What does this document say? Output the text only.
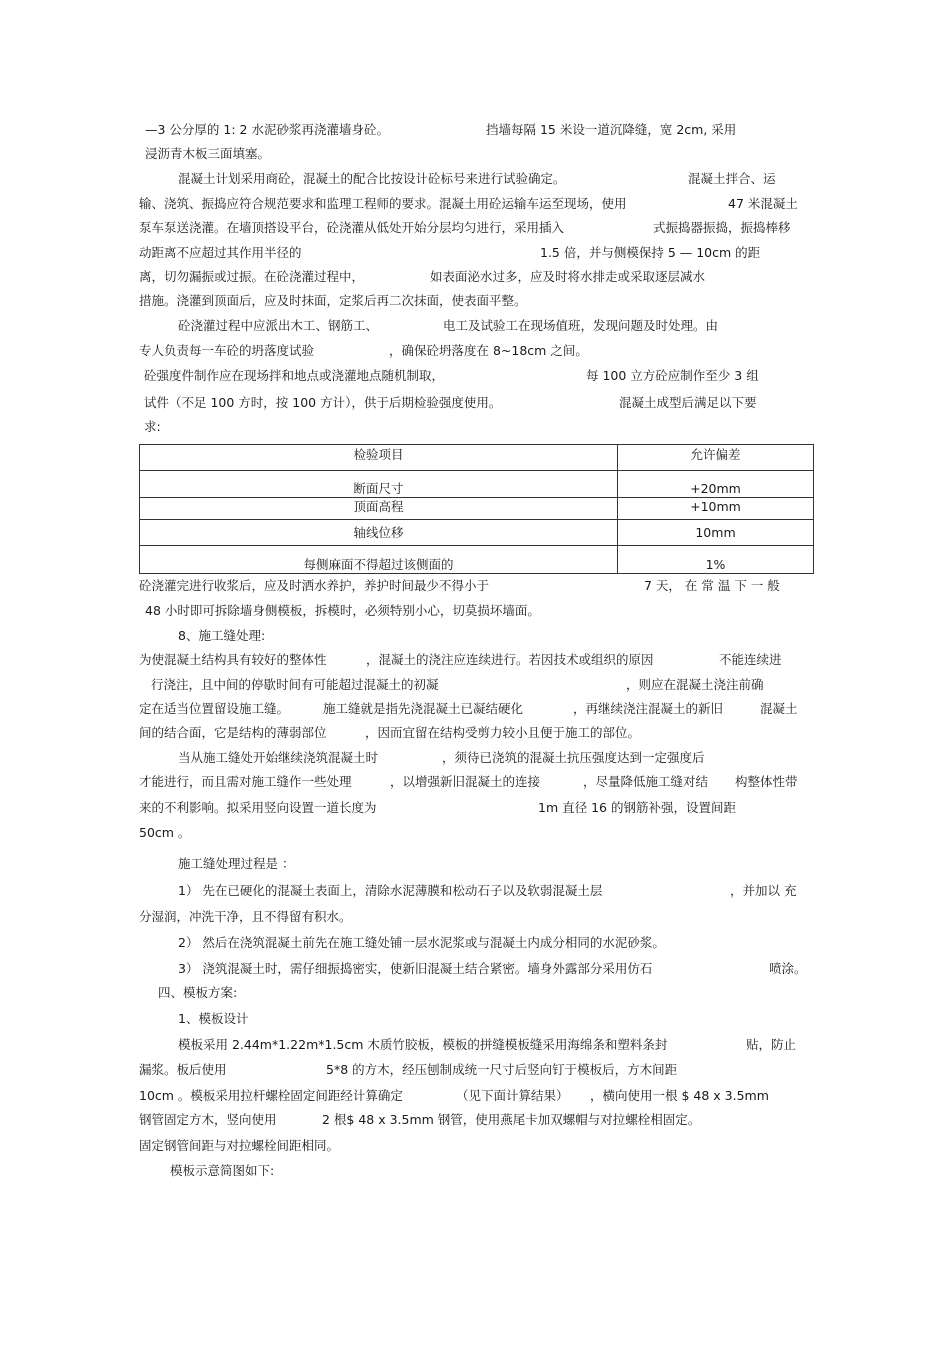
—3 公分厚的 1: 2 水泥砂浆再浇灌墙身砼。	挡墙每隔 15 米设一道沉降缝，宽 2cm, 采用
浸沥青木板三面填塞。
混凝土计划采用商砼，混凝土的配合比按设计砼标号来进行试验确定。	混凝土拌合、运
输、浇筑、振捣应符合规范要求和监理工程师的要求。混凝土用砼运输车运至现场，使用	47 米混凝土
泵车泵送浇灌。在墙顶搭设平台，砼浇灌从低处开始分层均匀进行，采用插入	式振捣器振捣，振捣棒移
动距离不应超过其作用半径的	1.5 倍，并与侧模保持 5 — 10cm 的距
离，切勿漏振或过振。在砼浇灌过程中，	如表面泌水过多，应及时将水排走或采取逐层减水
措施。浇灌到顶面后，应及时抹面，定浆后再二次抹面，使表面平整。
砼浇灌过程中应派出木工、钢筋工、	电工及试验工在现场值班，发现问题及时处理。由
专人负责每一车砼的坍落度试验	，确保砼坍落度在 8~18cm 之间。
砼强度件制作应在现场拌和地点或浇灌地点随机制取，	每 100 立方砼应制作至少 3 组
试件（不足 100 方时，按 100 方计），供于后期检验强度使用。	混凝土成型后满足以下要
求:
检验项目	允许偏差
断面尺寸	+20mm
顶面高程	+10mm
轴线位移	10mm
每侧麻面不得超过该侧面的	1%
砼浇灌完进行收浆后，应及时洒水养护，养护时间最少不得小于	7 天， 在 常 温 下 一 般
48 小时即可拆除墙身侧模板，拆模时，必须特别小心，切莫损坏墙面。
8、施工缝处理:
为使混凝土结构具有较好的整体性	，混凝土的浇注应连续进行。若因技术或组织的原因	不能连续进
行浇注，且中间的停歇时间有可能超过混凝土的初凝	，则应在混凝土浇注前确
定在适当位置留设施工缝。	施工缝就是指先浇混凝土已凝结硬化	，再继续浇注混凝土的新旧	混凝土
间的结合面，它是结构的薄弱部位	，因而宜留在结构受剪力较小且便于施工的部位。
当从施工缝处开始继续浇筑混凝土时	，须待已浇筑的混凝土抗压强度达到一定强度后
才能进行，而且需对施工缝作一些处理	，以增强新旧混凝土的连接	，尽量降低施工缝对结 构整体性带
来的不利影响。拟采用竖向设置一道长度为	1m 直径 16 的钢筋补强，设置间距
50cm 。
施工缝处理过程是 ：
1） 先在已硬化的混凝土表面上，清除水泥薄膜和松动石子以及软弱混凝土层	，并加以 充
分湿润，冲洗干净，且不得留有积水。
2） 然后在浇筑混凝土前先在施工缝处铺一层水泥浆或与混凝土内成分相同的水泥砂浆。
3） 浇筑混凝土时，需仔细振捣密实，使新旧混凝土结合紧密。墙身外露部分采用仿石	喷涂。
四、模板方案:
1、模板设计
模板采用 2.44m*1.22m*1.5cm 木质竹胶板，模板的拼缝模板缝采用海绵条和塑料条封	贴，防止
漏浆。板后使用	5*8 的方木，经压刨制成统一尺寸后竖向钉于模板后，方木间距
10cm 。模板采用拉杆螺栓固定间距经计算确定	（见下面计算结果） ，横向使用一根 $ 48 x 3.5mm
钢管固定方木，竖向使用	2 根$ 48 x 3.5mm 钢管，使用燕尾卡加双螺帽与对拉螺栓相固定。
固定钢管间距与对拉螺栓间距相同。
模板示意简图如下:
